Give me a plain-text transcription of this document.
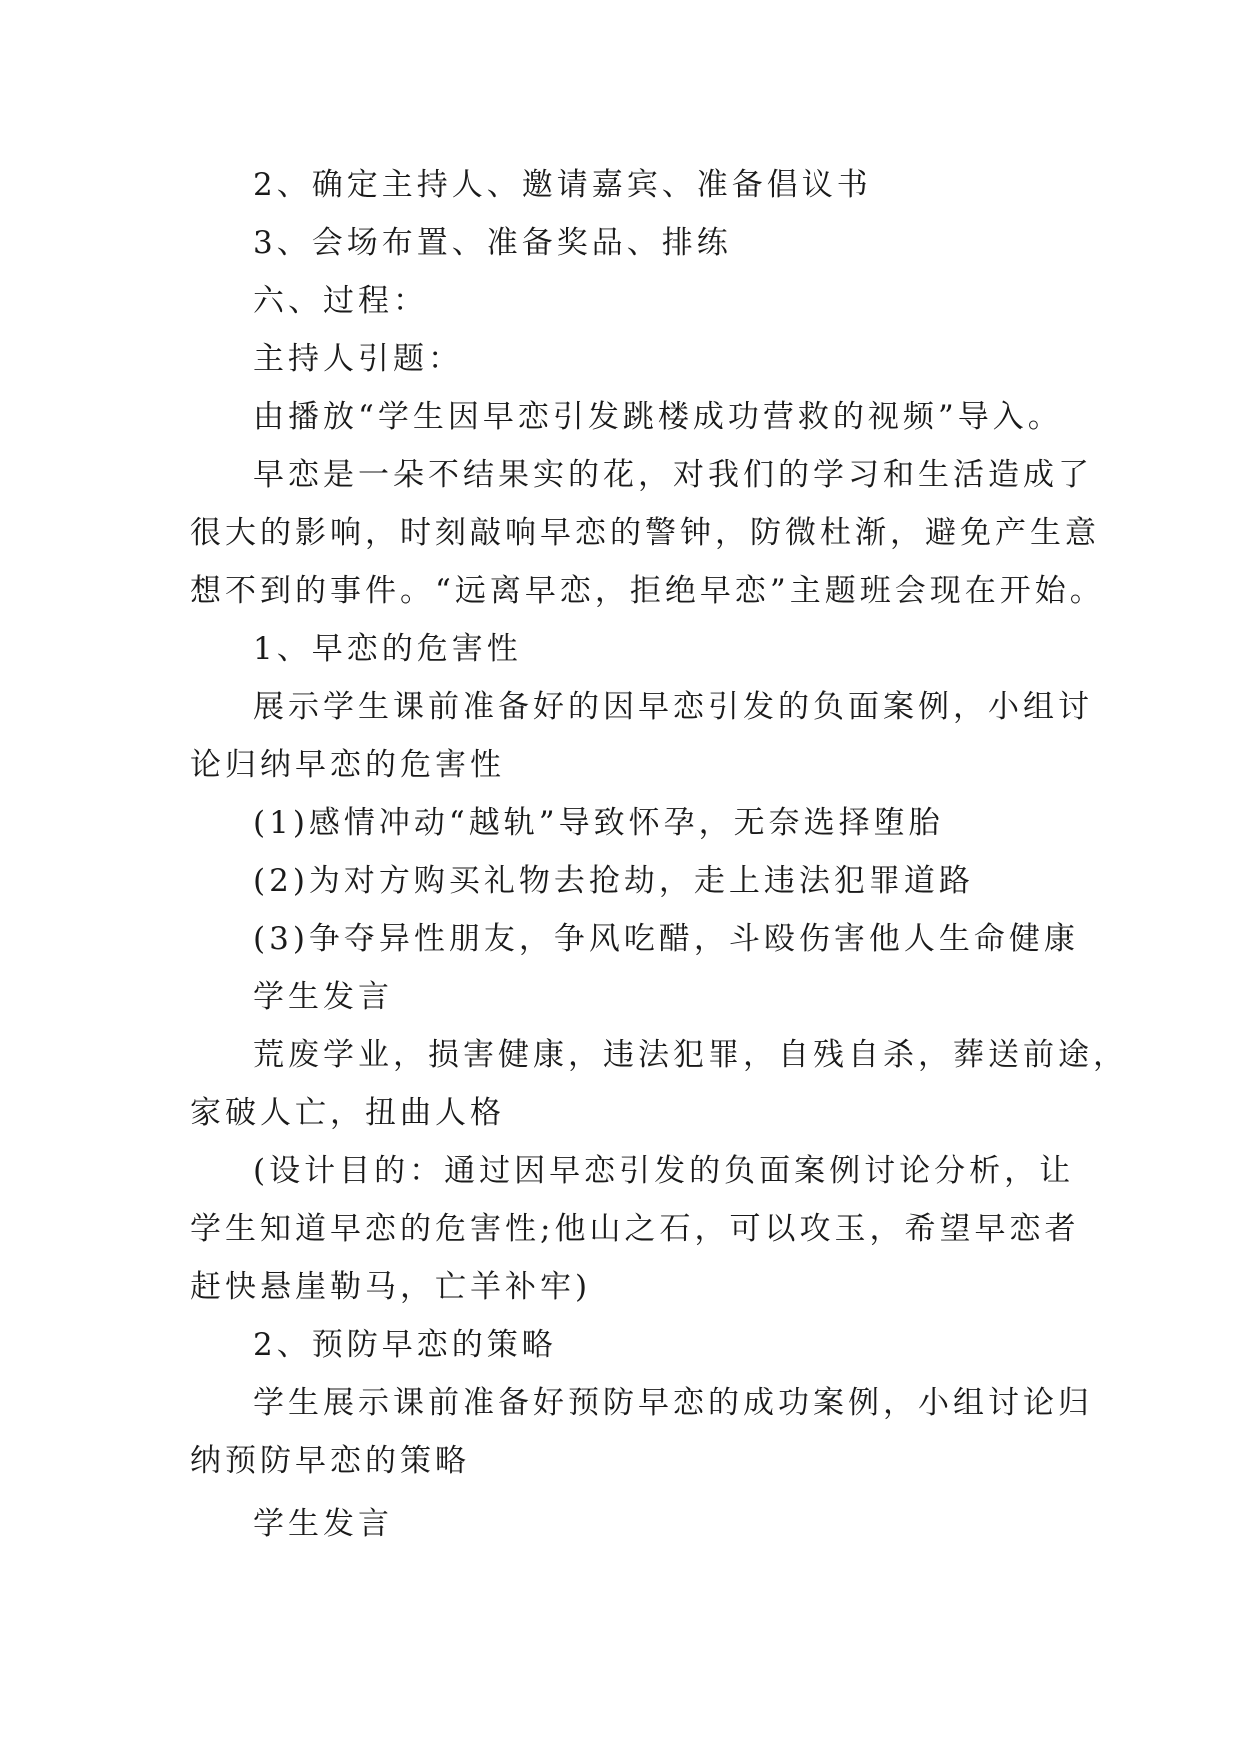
2、确定主持人、邀请嘉宾、准备倡议书

3、会场布置、准备奖品、排练

六、过程：

主持人引题：

由播放“学生因早恋引发跳楼成功营救的视频”导入。

早恋是一朵不结果实的花，对我们的学习和生活造成了

很大的影响，时刻敲响早恋的警钟，防微杜渐，避免产生意

想不到的事件。“远离早恋，拒绝早恋”主题班会现在开始。

1、早恋的危害性

展示学生课前准备好的因早恋引发的负面案例，小组讨

论归纳早恋的危害性

(1)感情冲动“越轨”导致怀孕，无奈选择堕胎

(2)为对方购买礼物去抢劫，走上违法犯罪道路

(3)争夺异性朋友，争风吃醋，斗殴伤害他人生命健康

学生发言

荒废学业，损害健康，违法犯罪，自残自杀，葬送前途，

家破人亡，扭曲人格

(设计目的：通过因早恋引发的负面案例讨论分析，让

学生知道早恋的危害性;他山之石，可以攻玉，希望早恋者

赶快悬崖勒马，亡羊补牢)

2、预防早恋的策略

学生展示课前准备好预防早恋的成功案例，小组讨论归

纳预防早恋的策略

学生发言
